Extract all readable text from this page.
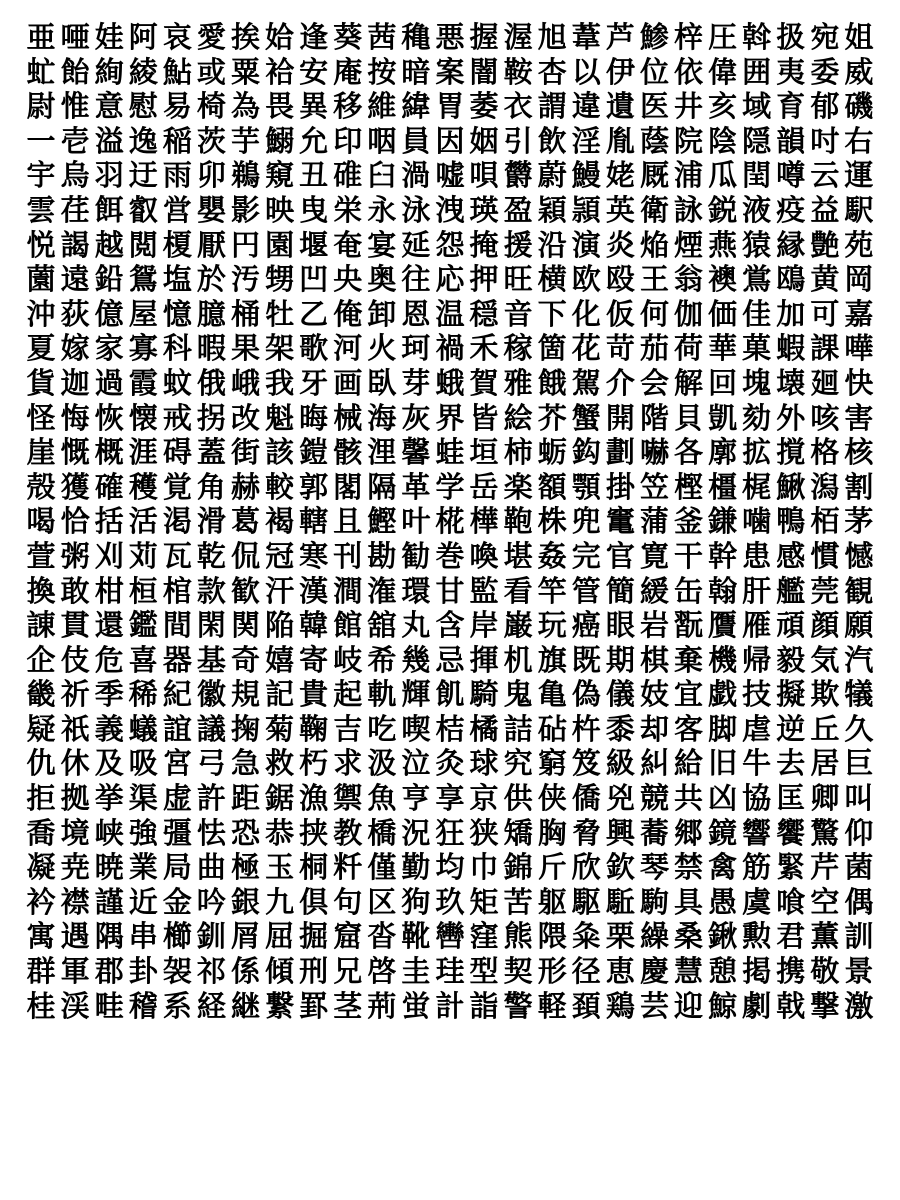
亜 唖 娃 阿 哀 愛 挨 姶 逢 葵 茜 穐 悪 握 渥 旭 葦 芦 鯵 梓 圧 斡 扱 宛 姐
虻 飴 絢 綾 鮎 或 粟 袷 安 庵 按 暗 案 闇 鞍 杏 以 伊 位 依 偉 囲 夷 委 威
尉 惟 意 慰 易 椅 為 畏 異 移 維 緯 胃 萎 衣 謂 違 遺 医 井 亥 域 育 郁 磯
一 壱 溢 逸 稲 茨 芋 鰯 允 印 咽 員 因 姻 引 飲 淫 胤 蔭 院 陰 隠 韻 吋 右
宇 烏 羽 迂 雨 卯 鵜 窺 丑 碓 臼 渦 嘘 唄 欝 蔚 鰻 姥 厩 浦 瓜 閏 噂 云 運
雲 荏 餌 叡 営 嬰 影 映 曳 栄 永 泳 洩 瑛 盈 穎 頴 英 衛 詠 鋭 液 疫 益 駅
悦 謁 越 閲 榎 厭 円 園 堰 奄 宴 延 怨 掩 援 沿 演 炎 焔 煙 燕 猿 縁 艶 苑
薗 遠 鉛 鴛 塩 於 汚 甥 凹 央 奥 往 応 押 旺 横 欧 殴 王 翁 襖 鴬 鴎 黄 岡
沖 荻 億 屋 憶 臆 桶 牡 乙 俺 卸 恩 温 穏 音 下 化 仮 何 伽 価 佳 加 可 嘉
夏 嫁 家 寡 科 暇 果 架 歌 河 火 珂 禍 禾 稼 箇 花 苛 茄 荷 華 菓 蝦 課 嘩
貨 迦 過 霞 蚊 俄 峨 我 牙 画 臥 芽 蛾 賀 雅 餓 駕 介 会 解 回 塊 壊 廻 快
怪 悔 恢 懐 戒 拐 改 魁 晦 械 海 灰 界 皆 絵 芥 蟹 開 階 貝 凱 劾 外 咳 害
崖 慨 概 涯 碍 蓋 街 該 鎧 骸 浬 馨 蛙 垣 柿 蛎 鈎 劃 嚇 各 廓 拡 撹 格 核
殻 獲 確 穫 覚 角 赫 較 郭 閣 隔 革 学 岳 楽 額 顎 掛 笠 樫 橿 梶 鰍 潟 割
喝 恰 括 活 渇 滑 葛 褐 轄 且 鰹 叶 椛 樺 鞄 株 兜 竃 蒲 釜 鎌 噛 鴨 栢 茅
萱 粥 刈 苅 瓦 乾 侃 冠 寒 刊 勘 勧 巻 喚 堪 姦 完 官 寛 干 幹 患 感 慣 憾
換 敢 柑 桓 棺 款 歓 汗 漢 澗 潅 環 甘 監 看 竿 管 簡 緩 缶 翰 肝 艦 莞 観
諌 貫 還 鑑 間 閑 関 陥 韓 館 舘 丸 含 岸 巌 玩 癌 眼 岩 翫 贋 雁 頑 顔 願
企 伎 危 喜 器 基 奇 嬉 寄 岐 希 幾 忌 揮 机 旗 既 期 棋 棄 機 帰 毅 気 汽
畿 祈 季 稀 紀 徽 規 記 貴 起 軌 輝 飢 騎 鬼 亀 偽 儀 妓 宜 戯 技 擬 欺 犠
疑 祇 義 蟻 誼 議 掬 菊 鞠 吉 吃 喫 桔 橘 詰 砧 杵 黍 却 客 脚 虐 逆 丘 久
仇 休 及 吸 宮 弓 急 救 朽 求 汲 泣 灸 球 究 窮 笈 級 糾 給 旧 牛 去 居 巨
拒 拠 挙 渠 虚 許 距 鋸 漁 禦 魚 亨 享 京 供 侠 僑 兇 競 共 凶 協 匡 卿 叫
喬 境 峡 強 彊 怯 恐 恭 挟 教 橋 況 狂 狭 矯 胸 脅 興 蕎 郷 鏡 響 饗 驚 仰
凝 尭 暁 業 局 曲 極 玉 桐 粁 僅 勤 均 巾 錦 斤 欣 欽 琴 禁 禽 筋 緊 芹 菌
衿 襟 謹 近 金 吟 銀 九 倶 句 区 狗 玖 矩 苦 躯 駆 駈 駒 具 愚 虞 喰 空 偶
寓 遇 隅 串 櫛 釧 屑 屈 掘 窟 沓 靴 轡 窪 熊 隈 粂 栗 繰 桑 鍬 勲 君 薫 訓
群 軍 郡 卦 袈 祁 係 傾 刑 兄 啓 圭 珪 型 契 形 径 恵 慶 慧 憩 掲 携 敬 景
桂 渓 畦 稽 系 経 継 繋 罫 茎 荊 蛍 計 詣 警 軽 頚 鶏 芸 迎 鯨 劇 戟 撃 激
